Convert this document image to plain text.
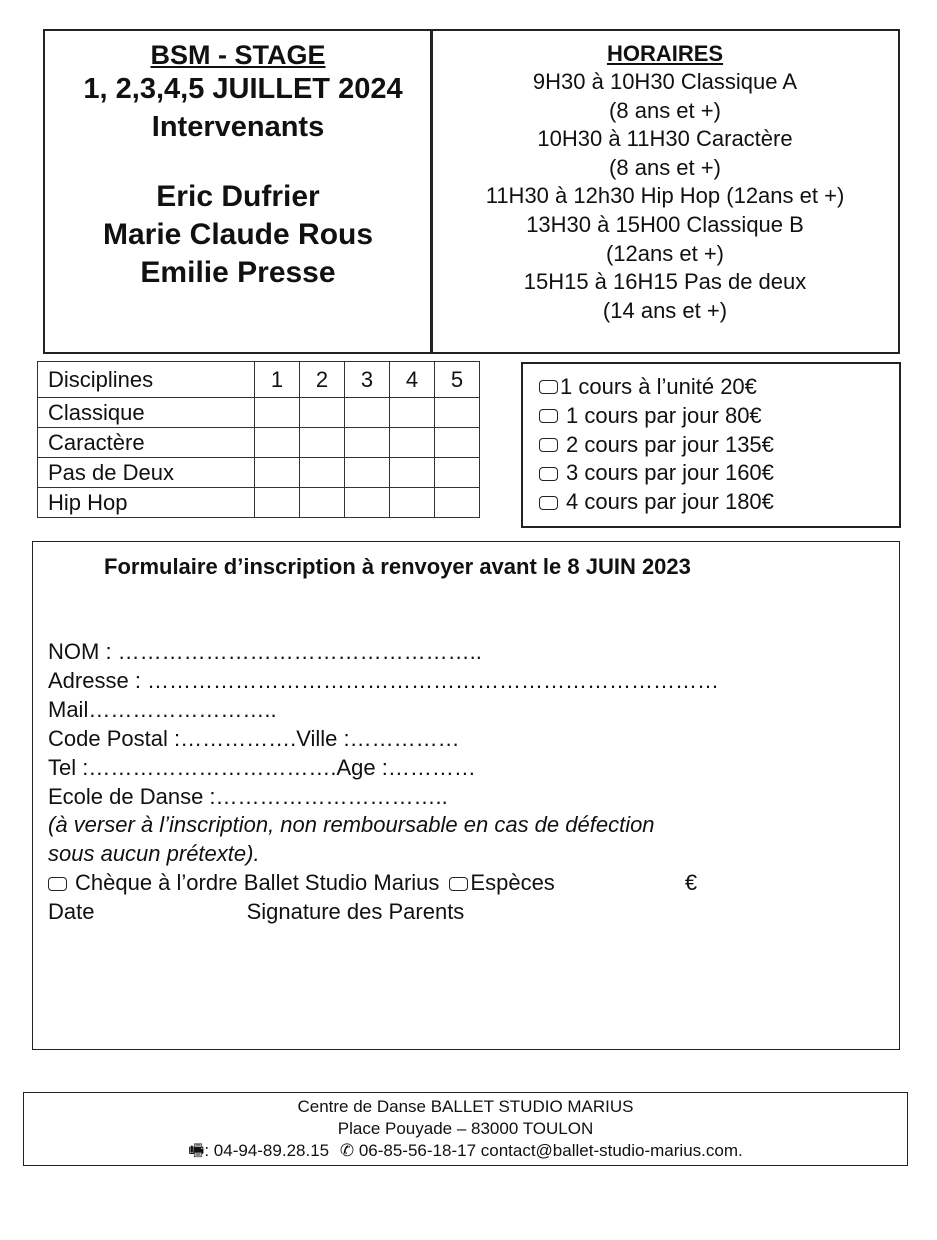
BSM - STAGE
1, 2,3,4,5 JUILLET 2024
Intervenants
Eric Dufrier
Marie Claude Rous
Emilie Presse
HORAIRES
9H30 à 10H30 Classique A
(8 ans et +)
10H30 à 11H30 Caractère
(8 ans et +)
11H30 à 12h30 Hip Hop (12ans et +)
13H30 à 15H00 Classique B
(12ans et +)
15H15 à 16H15 Pas de deux
(14 ans et +)
Disciplines	1	2	3	4	5
Classique					
Caractère					
Pas de Deux					
Hip Hop					
1 cours à l’unité 20€
1 cours par jour 80€
2 cours par jour 135€
3 cours par jour 160€
4 cours par jour 180€
Formulaire d’inscription à renvoyer avant le 8 JUIN 2023
NOM : …………………………………………..
Adresse : ……………………………………………………………………
Mail……………………..
Code Postal :…………….Ville :……………
Tel :…………………………….Age :…………
Ecole de Danse :…………………………..
(à verser à l’inscription, non remboursable en cas de défection
sous aucun prétexte).
Chèque à l’ordre Ballet Studio Marius Espèces	€
Date	Signature des Parents
Centre de Danse BALLET STUDIO MARIUS
Place Pouyade – 83000 TOULON
🖷: 04-94-89.28.15 ✆ 06-85-56-18-17 contact@ballet-studio-marius.com.
